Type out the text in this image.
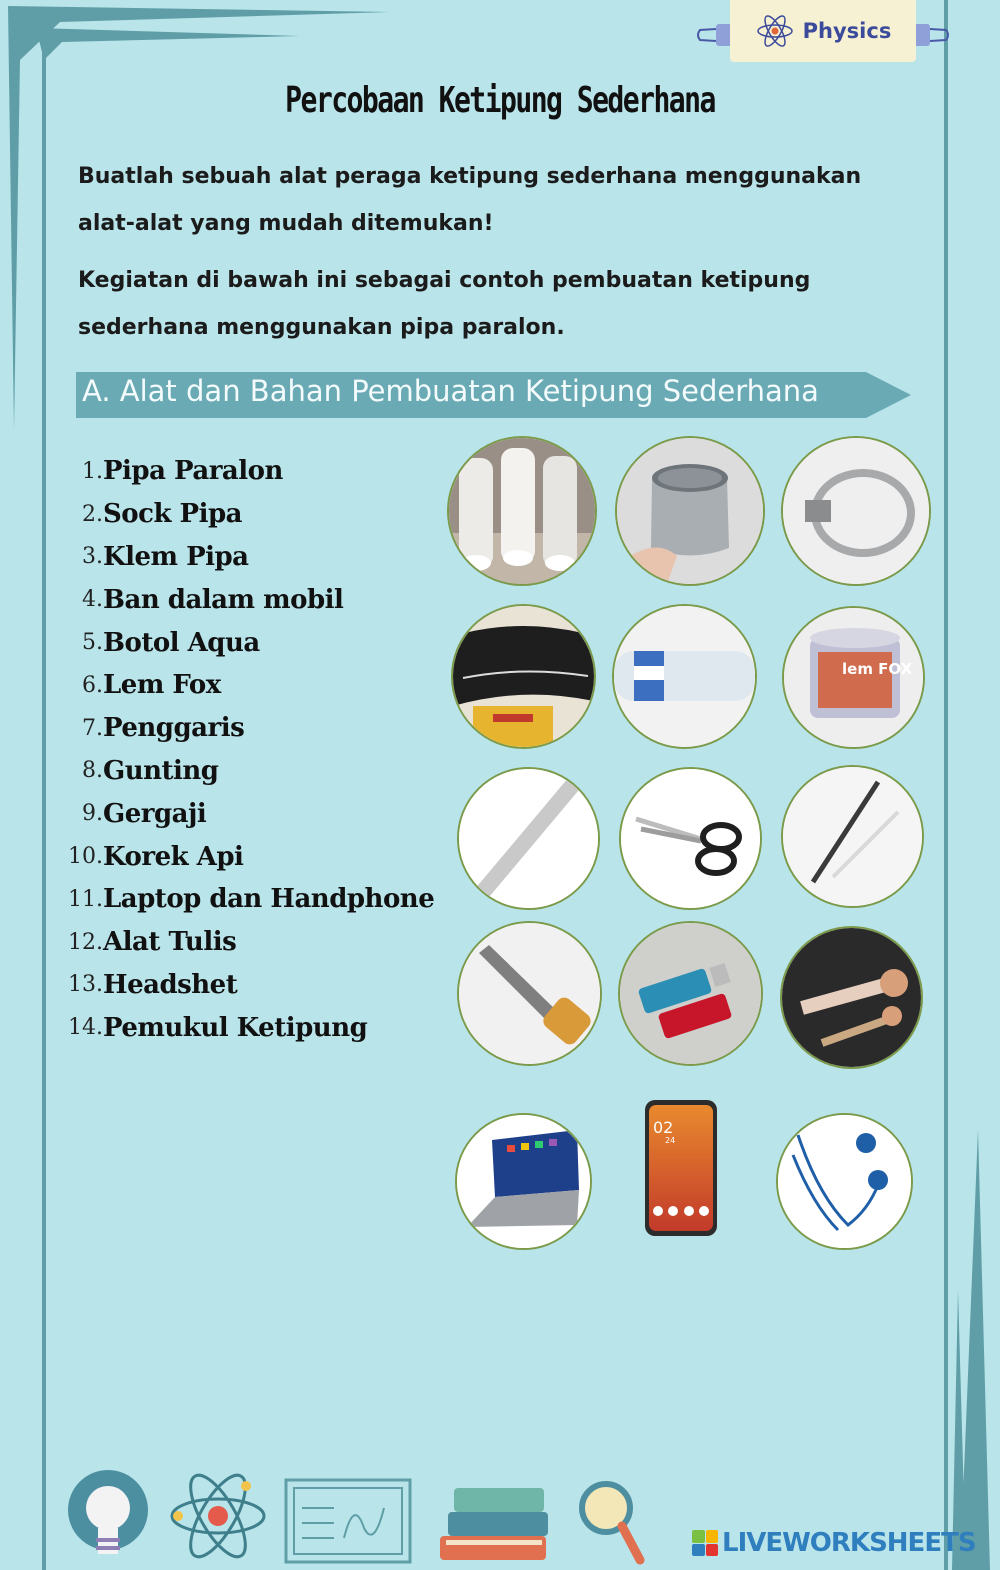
Physics
Percobaan Ketipung Sederhana
Buatlah sebuah alat peraga ketipung sederhana menggunakan alat-alat yang mudah ditemukan!
Kegiatan di bawah ini sebagai contoh pembuatan ketipung sederhana menggunakan pipa paralon.
A. Alat dan Bahan Pembuatan Ketipung Sederhana
1. Pipa Paralon
2. Sock Pipa
3. Klem Pipa
4. Ban dalam mobil
5. Botol Aqua
6. Lem Fox
7. Penggaris
8. Gunting
9. Gergaji
10. Korek Api
11. Laptop dan Handphone
12. Alat Tulis
13. Headshet
14. Pemukul Ketipung
lem FOX
02
24
LIVEWORKSHEETS
